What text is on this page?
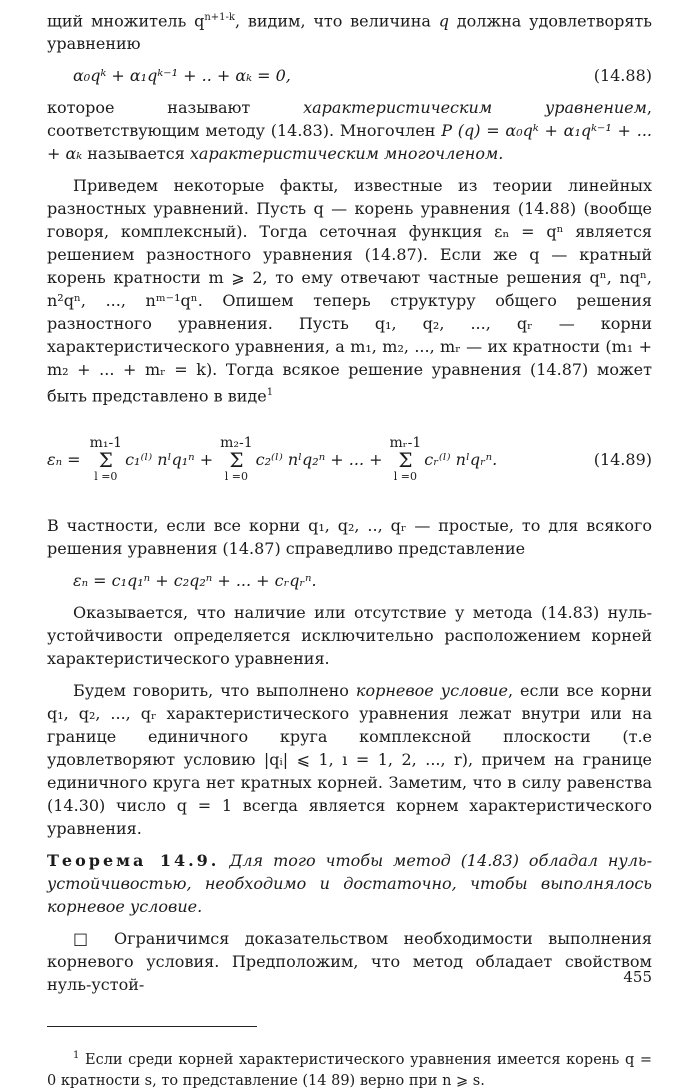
щий множитель $q^{n+1-k}$, видим, что величина q должна удовлетворять уравнению

α₀qᵏ + α₁qᵏ⁻¹ + .. + αₖ = 0,	(14.88)

которое называют характеристическим уравнением, соответствующим методу (14.83). Многочлен P (q) = α₀qᵏ + α₁qᵏ⁻¹ + ... + αₖ называется характеристическим многочленом.

Приведем некоторые факты, известные из теории линейных разностных уравнений. Пусть q — корень уравнения (14.88) (вообще говоря, комплексный). Тогда сеточная функция εₙ = qⁿ является решением разностного уравнения (14.87). Если же q — кратный корень кратности m ⩾ 2, то ему отвечают частные решения qⁿ, nqⁿ, n²qⁿ, ..., nᵐ⁻¹qⁿ. Опишем теперь структуру общего решения разностного уравнения. Пусть q₁, q₂, ..., qᵣ — корни характеристического уравнения, а m₁, m₂, ..., mᵣ — их кратности (m₁ + m₂ + ... + mᵣ = k). Тогда всякое решение уравнения (14.87) может быть представлено в виде$^1$

εₙ =
m₁-1
Σ
l =0
c₁⁽ˡ⁾ nˡq₁ⁿ +
m₂-1
Σ
l =0
c₂⁽ˡ⁾ nˡq₂ⁿ + ... +
mᵣ-1
Σ
l =0
cᵣ⁽ˡ⁾ nˡqᵣⁿ.	(14.89)

В частности, если все корни q₁, q₂, .., qᵣ — простые, то для всякого решения уравнения (14.87) справедливо представление

εₙ = c₁q₁ⁿ + c₂q₂ⁿ + ... + cᵣqᵣⁿ.

Оказывается, что наличие или отсутствие у метода (14.83) нуль-устойчивости определяется исключительно расположением корней характеристического уравнения.

Будем говорить, что выполнено корневое условие, если все корни q₁, q₂, ..., qᵣ характеристического уравнения лежат внутри или на границе единичного круга комплексной плоскости (т.е удовлетворяют условию |qᵢ| ⩽ 1, ı = 1, 2, ..., r), причем на границе единичного круга нет кратных корней. Заметим, что в силу равенства (14.30) число q = 1 всегда является корнем характеристического уравнения.

Теорема 14.9. Для того чтобы метод (14.83) обладал нуль-устойчивостью, необходимо и достаточно, чтобы выполнялось корневое условие.

□ Ограничимся доказательством необходимости выполнения корневого условия. Предположим, что метод обладает свойством нуль-устой-

$^1$ Если среди корней характеристического уравнения имеется корень q = 0 кратности s, то представление (14 89) верно при n ⩾ s.

455
